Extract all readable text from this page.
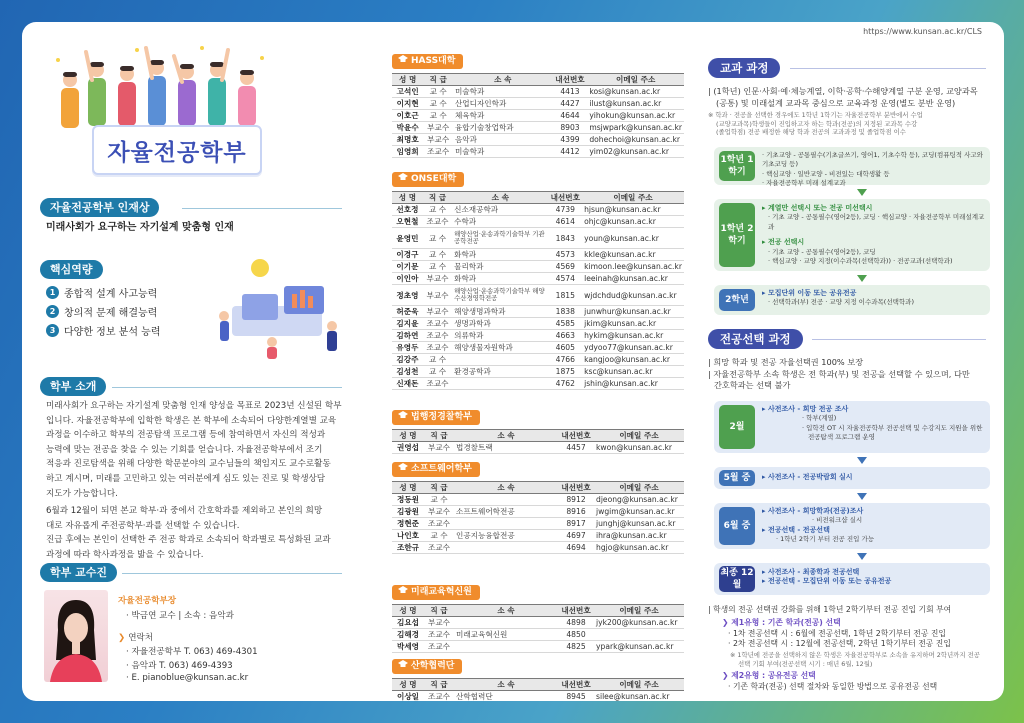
https://www.kunsan.ac.kr/CLS
자율전공학부
자율전공학부 인재상
미래사회가 요구하는 자기설계 맞춤형 인재
핵심역량
1 종합적 설계 사고능력
2 창의적 문제 해결능력
3 다양한 정보 분석 능력
학부 소개
미래사회가 요구하는 자기설계 맞춤형 인재 양성을 목표로 2023년 신설된 학부
입니다. 자율전공학부에 입학한 학생은 본 학부에 소속되어 다양한계열별 교육
과정을 이수하고 학부의 전공탐색 프로그램 등에 참여하면서 자신의 적성과
능력에 맞는 전공을 찾을 수 있는 기회를 얻습니다. 자율전공학부에서 조기
적응과 진로탐색을 위해 다양한 학문분야의 교수님들의 책임지도 교수로활동
하고 계시며, 미래를 고민하고 있는 여러분에게 심도 있는 진로 및 학생상담
지도가 가능합니다.
6월과 12월이 되면 본교 학부·과 중에서 간호학과를 제외하고 본인의 희망
대로 자유롭게 주전공학부·과를 선택할 수 있습니다.
진급 후에는 본인이 선택한 주 전공 학과로 소속되어 학과별로 특성화된 교과
과정에 따라 학사과정을 밟을 수 있습니다.
학부 교수진
자율전공학부장
· 박금연 교수 | 소속 : 음악과
❯ 연락처
· 자율전공학부 T. 063) 469-4301
· 음악과 T. 063) 469-4393
· E. pianoblue@kunsan.ac.kr
HASS대학
성 명	직 급	소 속	내선번호	이메일 주소
고석인	교 수	미술학과	4413	kosi@kunsan.ac.kr
이지현	교 수	산업디자인학과	4427	ilust@kunsan.ac.kr
이호근	교 수	체육학과	4644	yihokun@kunsan.ac.kr
박윤수	부교수	융합기술창업학과	8903	msjwpark@kunsan.ac.kr
최명호	부교수	음악과	4399	dohechoi@kunsan.ac.kr
임영희	조교수	미술학과	4412	yim02@kunsan.ac.kr
ONSE대학
성 명	직 급	소 속	내선번호	이메일 주소
선호정	교 수	신소재공학과	4739	hjsun@kunsan.ac.kr
오현철	조교수	수학과	4614	ohjc@kunsan.ac.kr
윤영민	교 수	해양산업·운송과학기술학부 기관공학전공	1843	youn@kunsan.ac.kr
이경구	교 수	화학과	4573	kkle@kunsan.ac.kr
이기문	교 수	물리학과	4569	kimoon.lee@kunsan.ac.kr
이인아	부교수	화학과	4574	leeinah@kunsan.ac.kr
정초영	부교수	해양산업·운송과학기술학부 해양수산경영학전공	1815	wjdchdud@kunsan.ac.kr
허준욱	부교수	해양생명과학과	1838	junwhur@kunsan.ac.kr
김지윤	조교수	생명과학과	4585	jkim@kunsan.ac.kr
김하연	조교수	의류학과	4663	hykim@kunsan.ac.kr
유영두	조교수	해양생물자원학과	4605	ydyoo77@kunsan.ac.kr
김강주	교 수		4766	kangjoo@kunsan.ac.kr
김성천	교 수	환경공학과	1875	ksc@kunsan.ac.kr
신재돈	조교수		4762	jshin@kunsan.ac.kr
법행정경찰학부
성 명	직 급	소 속	내선번호	이메일 주소
권영섭	부교수	법경찰트랙	4457	kwon@kunsan.ac.kr
소프트웨어학부
성 명	직 급	소 속	내선번호	이메일 주소
정동원	교 수		8912	djeong@kunsan.ac.kr
김광원	부교수	소프트웨어학전공	8916	jwgim@kunsan.ac.kr
정현준	조교수		8917	junghj@kunsan.ac.kr
나인호	교 수	인공지능융합전공	4697	ihra@kunsan.ac.kr
조한규	조교수		4694	hgjo@kunsan.ac.kr
미래교육혁신원
성 명	직 급	소 속	내선번호	이메일 주소
김요섭	부교수		4898	jyk200@kunsan.ac.kr
김해경	조교수	미래교육혁신원	4850	
박세영	조교수		4825	ypark@kunsan.ac.kr
산학협력단
성 명	직 급	소 속	내선번호	이메일 주소
이상일	조교수	산학협력단	8945	silee@kunsan.ac.kr
교과 과정
| (1학년) 인문·사회·예·체능계열, 이학·공학·수해양계열 구분 운영, 교양과목
(공통) 및 미래설계 교과목 중심으로 교육과정 운영(별도 분반 운영)
※ 학과 · 전공을 선택한 경우에도 1학년 1학기는 자율전공학부 분반에서 수업
(교양교과목)학생들이 진입하고자 하는 학과(전공)의 지정된 교과목 수강
(졸업학점) 전공 배정한 해당 학과 전공의 교과과정 및 졸업학점 이수
1학년 1학기
· 기초교양 - 공통필수(기초글쓰기, 영어1, 기초수학 등), 코딩(컴퓨팅적 사고와 기초코딩 등)
· 핵심교양 · 일반교양 - 비전있는 대학생활 등
· 자율전공학부 미래 설계교과
1학년 2학기
▸ 계열만 선택시 또는 전공 미선택시
· 기초 교양 - 공통필수(영어2등), 코딩 · 핵심교양 · 자율전공학부 미래설계교과
▸ 전공 선택시
· 기초 교양 - 공통필수(영어2등), 코딩
· 핵심교양 · 교양 지정(이수과목(선택학과)) · 전공교과(선택학과)
2학년
▸ 모집단위 이동 또는 공유전공
· 선택학과(부) 전공 · 교양 지정 이수과목(선택학과)
전공선택 과정
| 희망 학과 및 전공 자율선택권 100% 보장
| 자율전공학부 소속 학생은 전 학과(부) 및 전공을 선택할 수 있으며, 다만
간호학과는 선택 불가
2월
▸ 사전조사 - 희망 전공 조사
· 학부(계열)
· 입학전 OT 시 자율전공학부 전공선택 및 수강지도 지원을 위한
전공탐색 프로그램 운영
5월 중	▸ 사전조사 - 전공박람회 실시
6월 중
▸ 사전조사 - 희망학과(전공)조사
· 비전워크샵 실시
▸ 전공선택 - 전공선택
· 1학년 2학기 부터 전공 진입 가능
최종 12월
▸ 사전조사 - 최종학과 전공선택
▸ 전공선택 - 모집단위 이동 또는 공유전공
| 학생의 전공 선택권 강화를 위해 1학년 2학기부터 전공 진입 기회 부여
❯ 제1유형 : 기존 학과(전공) 선택
· 1차 전공선택 시 : 6월에 전공선택, 1학년 2학기부터 전공 진입
· 2차 전공선택 시 : 12월에 전공선택, 2학년 1학기부터 전공 진입
※ 1학년에 전공을 선택하지 않은 학생은 자율전공학부로 소속을 유지하며 2학년까지 전공
선택 기회 부여(전공선택 시기 : 매년 6월, 12월)
❯ 제2유형 : 공유전공 선택
· 기존 학과(전공) 선택 절차와 동일한 방법으로 공유전공 선택
